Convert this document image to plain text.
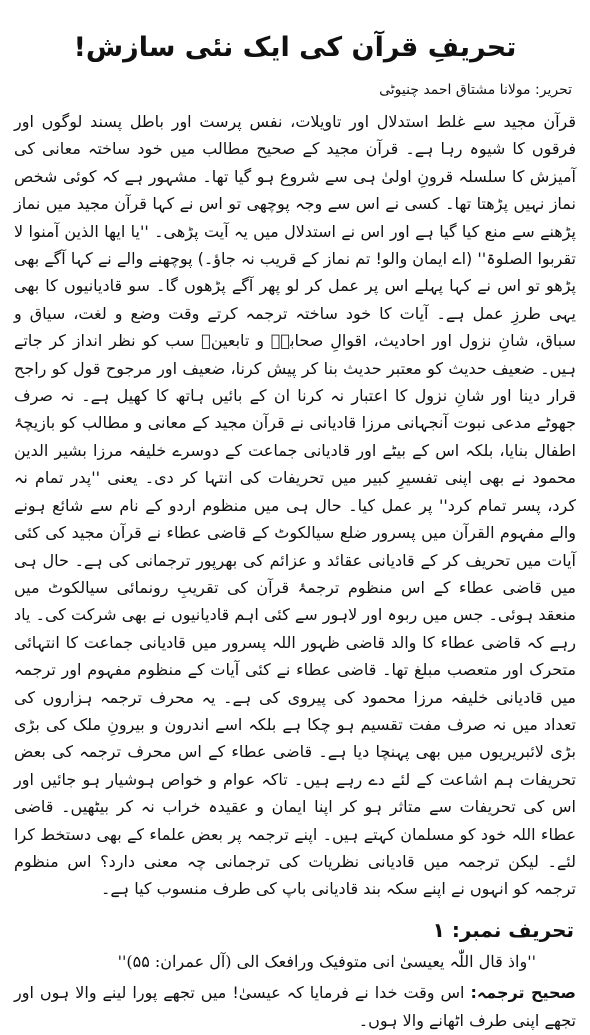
تحریفِ قرآن کی ایک نئی سازش!
تحریر: مولانا مشتاق احمد چنیوٹی

قرآن مجید سے غلط استدلال اور تاویلات، نفس پرست اور باطل پسند لوگوں اور فرقوں کا شیوہ رہا ہے۔ قرآن مجید کے صحیح مطالب میں خود ساختہ معانی کی آمیزش کا سلسلہ قرونِ اولیٰ ہی سے شروع ہو گیا تھا۔ مشہور ہے کہ کوئی شخص نماز نہیں پڑھتا تھا۔ کسی نے اس سے وجہ پوچھی تو اس نے کہا قرآن مجید میں نماز پڑھنے سے منع کیا گیا ہے اور اس نے استدلال میں یہ آیت پڑھی۔ ''یا ایھا الذین آمنوا لا تقربوا الصلوۃ'' (اے ایمان والو! تم نماز کے قریب نہ جاؤ۔) پوچھنے والے نے کہا آگے بھی پڑھو تو اس نے کہا پہلے اس پر عمل کر لو پھر آگے پڑھوں گا۔ سو قادیانیوں کا بھی یہی طرزِ عمل ہے۔ آیات کا خود ساختہ ترجمہ کرتے وقت وضع و لغت، سیاق و سباق، شانِ نزول اور احادیث، اقوالِ صحابہؓ و تابعینؒ سب کو نظر انداز کر جاتے ہیں۔ ضعیف حدیث کو معتبر حدیث بنا کر پیش کرنا، ضعیف اور مرجوح قول کو راجح قرار دینا اور شانِ نزول کا اعتبار نہ کرنا ان کے بائیں ہاتھ کا کھیل ہے۔ نہ صرف جھوٹے مدعی نبوت آنجہانی مرزا قادیانی نے قرآن مجید کے معانی و مطالب کو بازیچۂ اطفال بنایا، بلکہ اس کے بیٹے اور قادیانی جماعت کے دوسرے خلیفہ مرزا بشیر الدین محمود نے بھی اپنی تفسیرِ کبیر میں تحریفات کی انتہا کر دی۔ یعنی ''پدر تمام نہ کرد، پسر تمام کرد'' پر عمل کیا۔ حال ہی میں منظوم اردو کے نام سے شائع ہونے والے مفہوم القرآن میں پسرور ضلع سیالکوٹ کے قاضی عطاء نے قرآن مجید کی کئی آیات میں تحریف کر کے قادیانی عقائد و عزائم کی بھرپور ترجمانی کی ہے۔ حال ہی میں قاضی عطاء کے اس منظوم ترجمۂ قرآن کی تقریبِ رونمائی سیالکوٹ میں منعقد ہوئی۔ جس میں ربوہ اور لاہور سے کئی اہم قادیانیوں نے بھی شرکت کی۔ یاد رہے کہ قاضی عطاء کا والد قاضی ظہور اللہ پسرور میں قادیانی جماعت کا انتہائی متحرک اور متعصب مبلغ تھا۔ قاضی عطاء نے کئی آیات کے منظوم مفہوم اور ترجمہ میں قادیانی خلیفہ مرزا محمود کی پیروی کی ہے۔ یہ محرف ترجمہ ہزاروں کی تعداد میں نہ صرف مفت تقسیم ہو چکا ہے بلکہ اسے اندرون و بیرونِ ملک کی بڑی بڑی لائبریریوں میں بھی پہنچا دیا ہے۔ قاضی عطاء کے اس محرف ترجمہ کی بعض تحریفات ہم اشاعت کے لئے دے رہے ہیں۔ تاکہ عوام و خواص ہوشیار ہو جائیں اور اس کی تحریفات سے متاثر ہو کر اپنا ایمان و عقیدہ خراب نہ کر بیٹھیں۔ قاضی عطاء اللہ خود کو مسلمان کہتے ہیں۔ اپنے ترجمہ پر بعض علماء کے بھی دستخط کرا لئے۔ لیکن ترجمہ میں قادیانی نظریات کی ترجمانی چہ معنی دارد؟ اس منظوم ترجمہ کو انہوں نے اپنے سکہ بند قادیانی باپ کی طرف منسوب کیا ہے۔

تحریف نمبر: ۱
''واذ قال اللّٰہ یعیسیٰ انی متوفیک ورافعک الی (آل عمران: ۵۵)''

صحیح ترجمہ: اس وقت خدا نے فرمایا کہ عیسیٰ! میں تجھے پورا لینے والا ہوں اور تجھے اپنی طرف اٹھانے والا ہوں۔
